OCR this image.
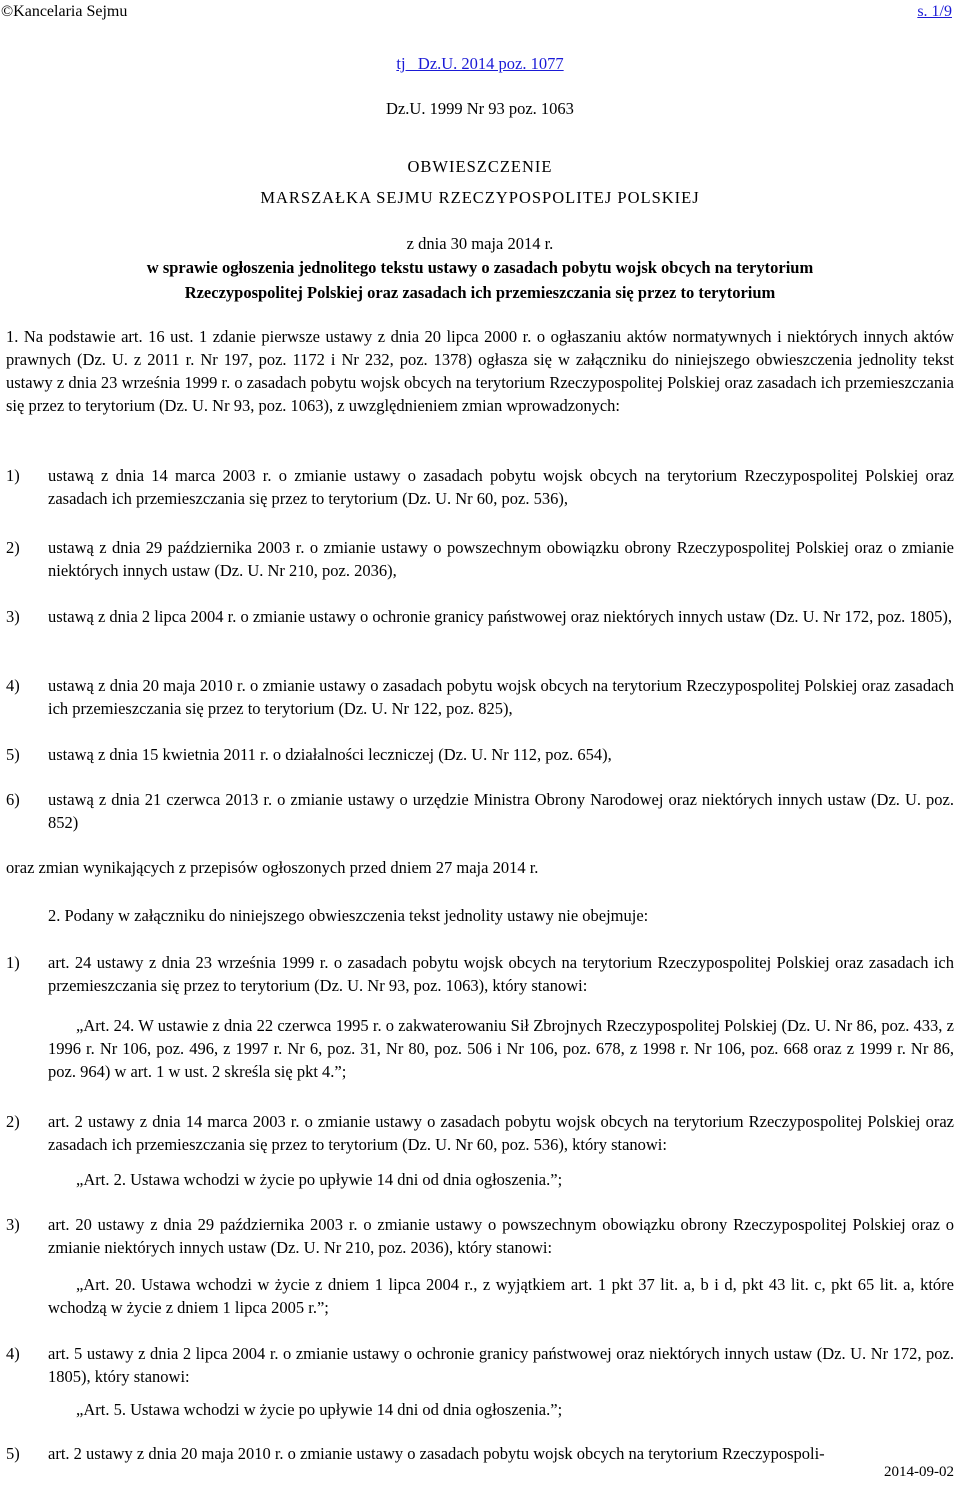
©Kancelaria Sejmu	s. 1/9
tj   Dz.U. 2014 poz. 1077
Dz.U. 1999 Nr 93 poz. 1063
OBWIESZCZENIE
MARSZAŁKA SEJMU RZECZYPOSPOLITEJ POLSKIEJ
z dnia 30 maja 2014 r.
w sprawie ogłoszenia jednolitego tekstu ustawy o zasadach pobytu wojsk obcych na terytorium
Rzeczypospolitej Polskiej oraz zasadach ich przemieszczania się przez to terytorium
1. Na podstawie art. 16 ust. 1 zdanie pierwsze ustawy z dnia 20 lipca 2000 r. o ogłaszaniu aktów normatywnych i niektórych innych aktów prawnych (Dz. U. z 2011 r. Nr 197, poz. 1172 i Nr 232, poz. 1378) ogłasza się w załączniku do niniejszego obwieszczenia jednolity tekst ustawy z dnia 23 września 1999 r. o zasadach pobytu wojsk obcych na terytorium Rzeczypospolitej Polskiej oraz zasadach ich przemieszczania się przez to terytorium (Dz. U. Nr 93, poz. 1063), z uwzględnieniem zmian wprowadzonych:
1)	ustawą z dnia 14 marca 2003 r. o zmianie ustawy o zasadach pobytu wojsk obcych na terytorium Rzeczypospolitej Polskiej oraz zasadach ich przemieszczania się przez to terytorium (Dz. U. Nr 60, poz. 536),
2)	ustawą z dnia 29 października 2003 r. o zmianie ustawy o powszechnym obowiązku obrony Rzeczypospolitej Polskiej oraz o zmianie niektórych innych ustaw (Dz. U. Nr 210, poz. 2036),
3)	ustawą z dnia 2 lipca 2004 r. o zmianie ustawy o ochronie granicy państwowej oraz niektórych innych ustaw (Dz. U. Nr 172, poz. 1805),
4)	ustawą z dnia 20 maja 2010 r. o zmianie ustawy o zasadach pobytu wojsk obcych na terytorium Rzeczypospolitej Polskiej oraz zasadach ich przemieszczania się przez to terytorium (Dz. U. Nr 122, poz. 825),
5)	ustawą z dnia 15 kwietnia 2011 r. o działalności leczniczej (Dz. U. Nr 112, poz. 654),
6)	ustawą z dnia 21 czerwca 2013 r. o zmianie ustawy o urzędzie Ministra Obrony Narodowej oraz niektórych innych ustaw (Dz. U. poz. 852)
oraz zmian wynikających z przepisów ogłoszonych przed dniem 27 maja 2014 r.
2. Podany w załączniku do niniejszego obwieszczenia tekst jednolity ustawy nie obejmuje:
1)	art. 24 ustawy z dnia 23 września 1999 r. o zasadach pobytu wojsk obcych na terytorium Rzeczypospolitej Polskiej oraz zasadach ich przemieszczania się przez to terytorium (Dz. U. Nr 93, poz. 1063), który stanowi:
„Art. 24. W ustawie z dnia 22 czerwca 1995 r. o zakwaterowaniu Sił Zbrojnych Rzeczypospolitej Polskiej (Dz. U. Nr 86, poz. 433, z 1996 r. Nr 106, poz. 496, z 1997 r. Nr 6, poz. 31, Nr 80, poz. 506 i Nr 106, poz. 678, z 1998 r. Nr 106, poz. 668 oraz z 1999 r. Nr 86, poz. 964) w art. 1 w ust. 2 skreśla się pkt 4.”;
2)	art. 2 ustawy z dnia 14 marca 2003 r. o zmianie ustawy o zasadach pobytu wojsk obcych na terytorium Rzeczypospolitej Polskiej oraz zasadach ich przemieszczania się przez to terytorium (Dz. U. Nr 60, poz. 536), który stanowi:
„Art. 2. Ustawa wchodzi w życie po upływie 14 dni od dnia ogłoszenia.”;
3)	art. 20 ustawy z dnia 29 października 2003 r. o zmianie ustawy o powszechnym obowiązku obrony Rzeczypospolitej Polskiej oraz o zmianie niektórych innych ustaw (Dz. U. Nr 210, poz. 2036), który stanowi:
„Art. 20. Ustawa wchodzi w życie z dniem 1 lipca 2004 r., z wyjątkiem art. 1 pkt 37 lit. a, b i d, pkt 43 lit. c, pkt 65 lit. a, które wchodzą w życie z dniem 1 lipca 2005 r.”;
4)	art. 5 ustawy z dnia 2 lipca 2004 r. o zmianie ustawy o ochronie granicy państwowej oraz niektórych innych ustaw (Dz. U. Nr 172, poz. 1805), który stanowi:
„Art. 5. Ustawa wchodzi w życie po upływie 14 dni od dnia ogłoszenia.”;
5)	art. 2 ustawy z dnia 20 maja 2010 r. o zmianie ustawy o zasadach pobytu wojsk obcych na terytorium Rzeczypospoli-
2014-09-02
